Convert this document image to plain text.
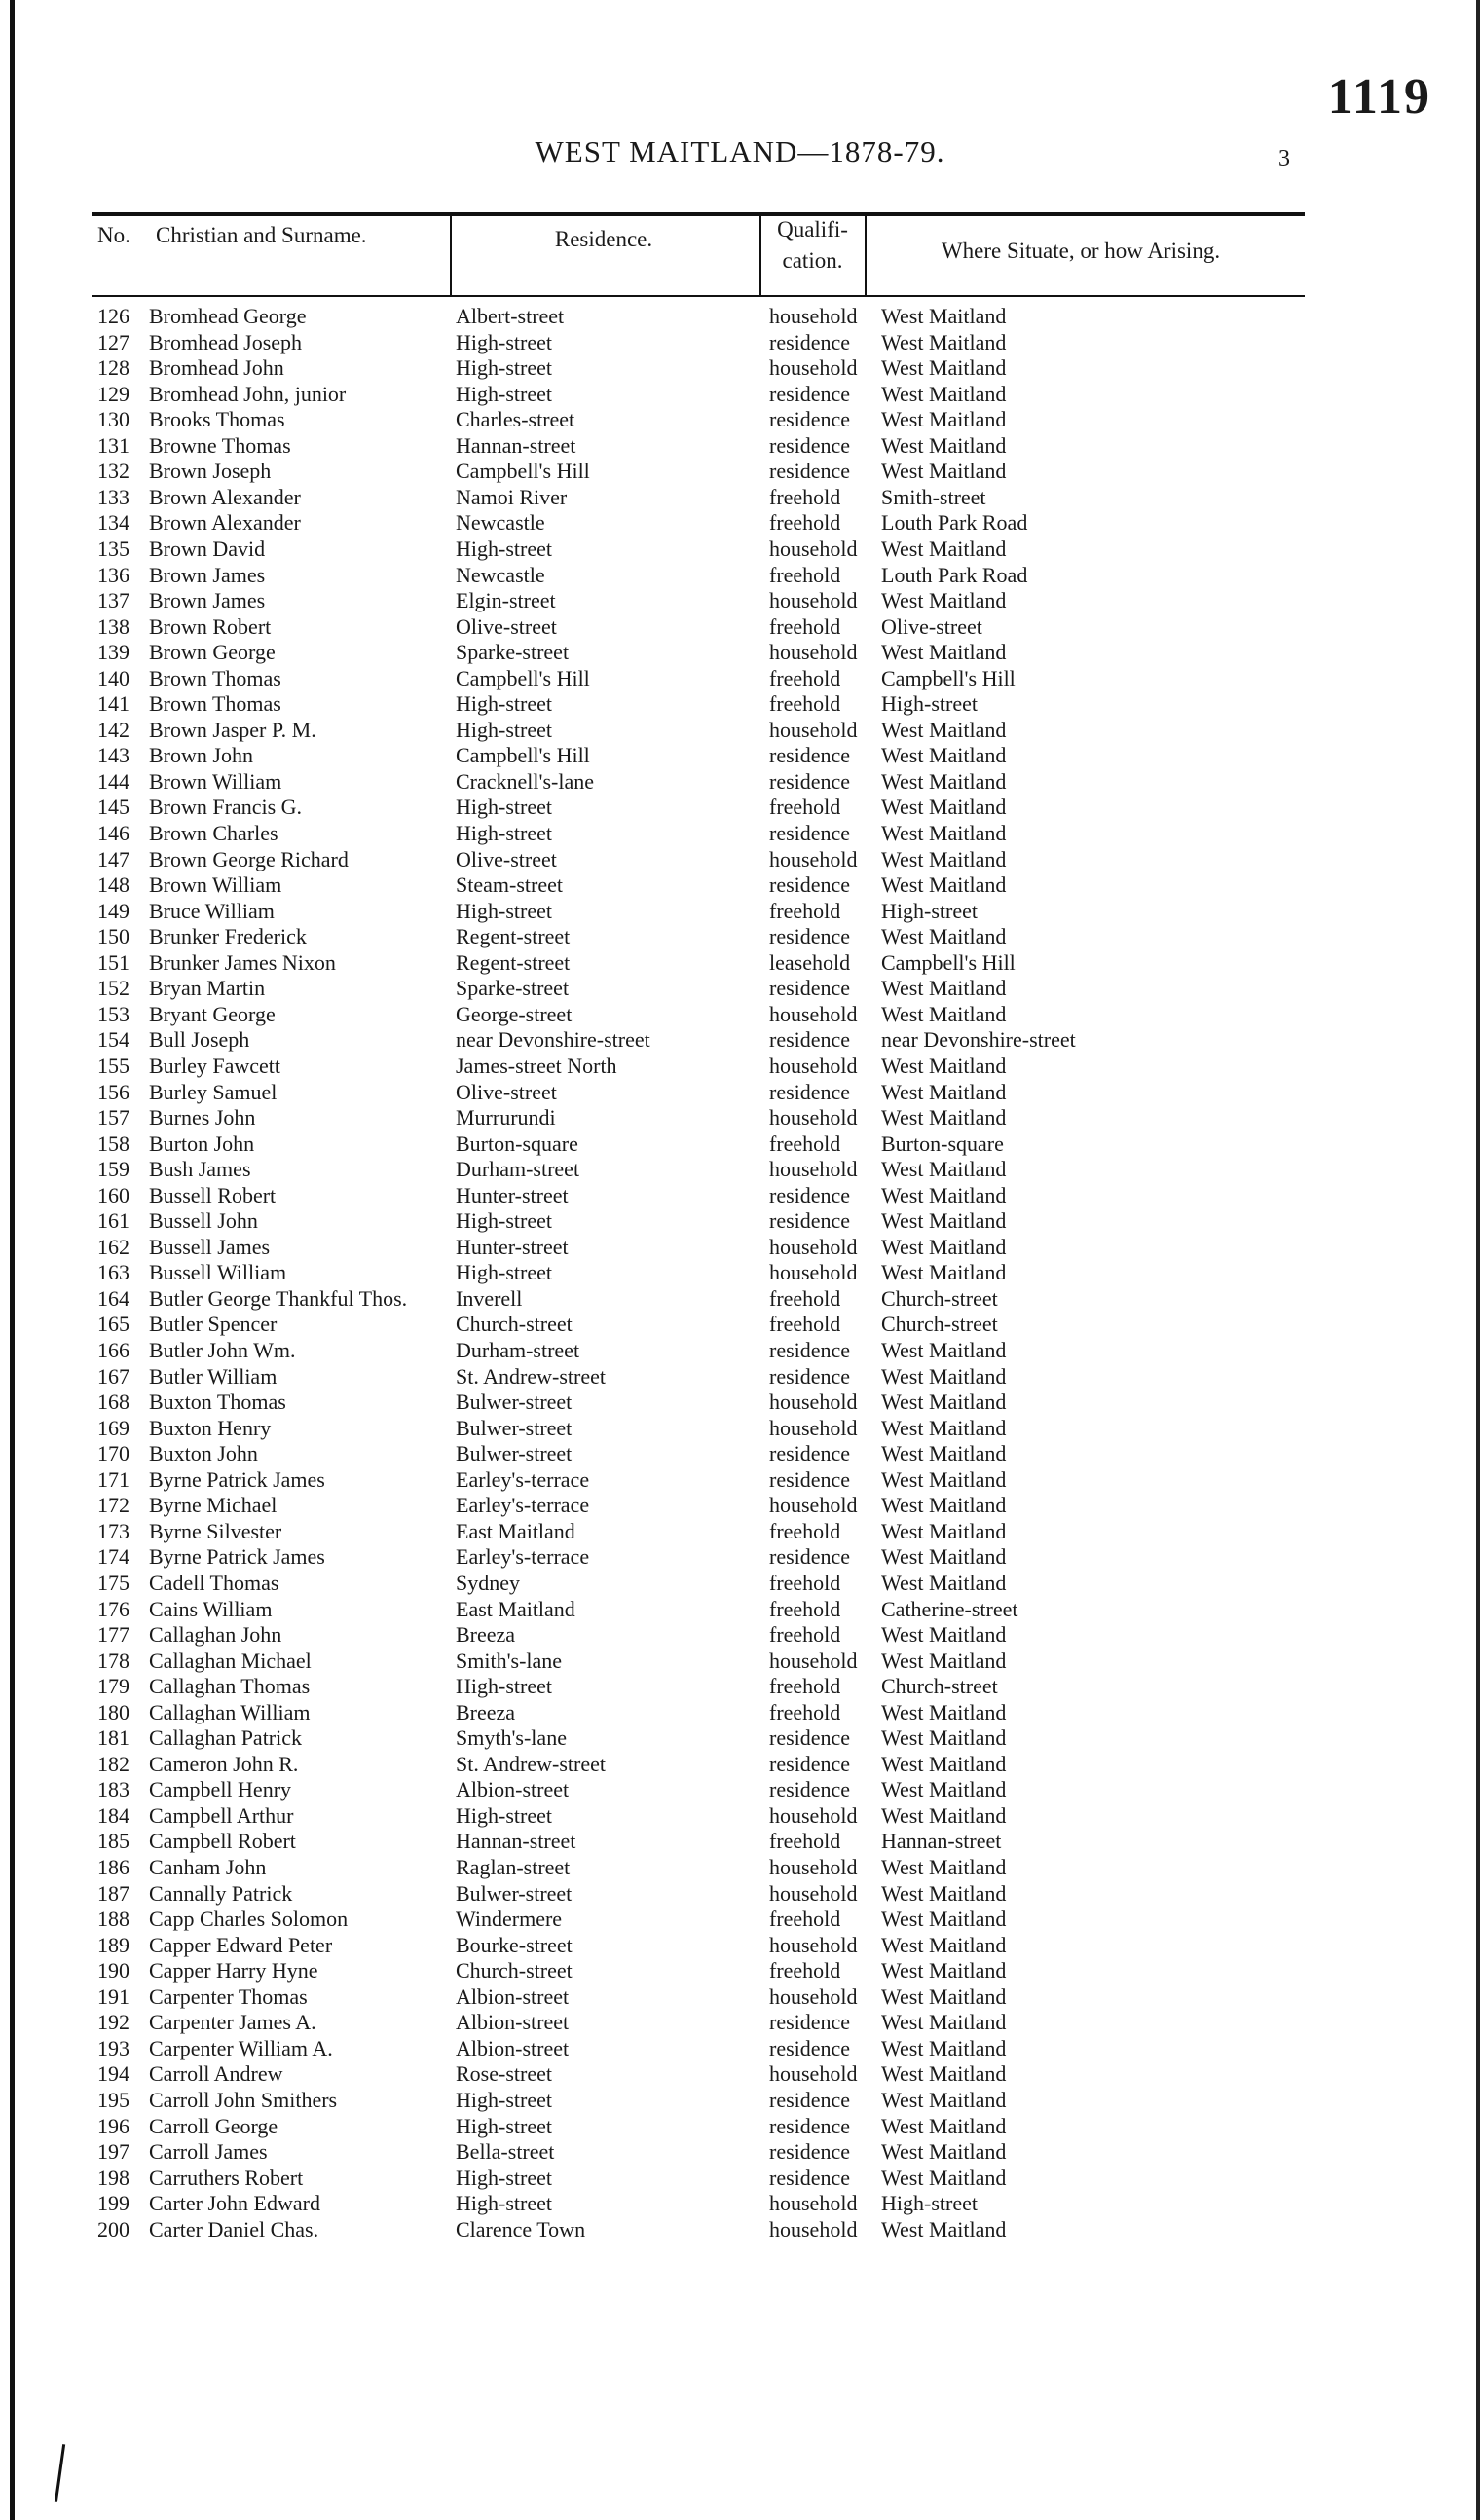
1119
WEST MAITLAND—1878-79.	3
No.	Christian and Surname.	Residence.	Qualifi- cation.	Where Situate, or how Arising.
126 Bromhead George	Albert-street	household	West Maitland
127 Bromhead Joseph	High-street	residence	West Maitland
128 Bromhead John	High-street	household	West Maitland
129 Bromhead John, junior	High-street	residence	West Maitland
130 Brooks Thomas	Charles-street	residence	West Maitland
131 Browne Thomas	Hannan-street	residence	West Maitland
132 Brown Joseph	Campbell's Hill	residence	West Maitland
133 Brown Alexander	Namoi River	freehold	Smith-street
134 Brown Alexander	Newcastle	freehold	Louth Park Road
135 Brown David	High-street	household	West Maitland
136 Brown James	Newcastle	freehold	Louth Park Road
137 Brown James	Elgin-street	household	West Maitland
138 Brown Robert	Olive-street	freehold	Olive-street
139 Brown George	Sparke-street	household	West Maitland
140 Brown Thomas	Campbell's Hill	freehold	Campbell's Hill
141 Brown Thomas	High-street	freehold	High-street
142 Brown Jasper P. M.	High-street	household	West Maitland
143 Brown John	Campbell's Hill	residence	West Maitland
144 Brown William	Cracknell's-lane	residence	West Maitland
145 Brown Francis G.	High-street	freehold	West Maitland
146 Brown Charles	High-street	residence	West Maitland
147 Brown George Richard	Olive-street	household	West Maitland
148 Brown William	Steam-street	residence	West Maitland
149 Bruce William	High-street	freehold	High-street
150 Brunker Frederick	Regent-street	residence	West Maitland
151 Brunker James Nixon	Regent-street	leasehold	Campbell's Hill
152 Bryan Martin	Sparke-street	residence	West Maitland
153 Bryant George	George-street	household	West Maitland
154 Bull Joseph	near Devonshire-street	residence	near Devonshire-street
155 Burley Fawcett	James-street North	household	West Maitland
156 Burley Samuel	Olive-street	residence	West Maitland
157 Burnes John	Murrurundi	household	West Maitland
158 Burton John	Burton-square	freehold	Burton-square
159 Bush James	Durham-street	household	West Maitland
160 Bussell Robert	Hunter-street	residence	West Maitland
161 Bussell John	High-street	residence	West Maitland
162 Bussell James	Hunter-street	household	West Maitland
163 Bussell William	High-street	household	West Maitland
164 Butler George Thankful Thos.	Inverell	freehold	Church-street
165 Butler Spencer	Church-street	freehold	Church-street
166 Butler John Wm.	Durham-street	residence	West Maitland
167 Butler William	St. Andrew-street	residence	West Maitland
168 Buxton Thomas	Bulwer-street	household	West Maitland
169 Buxton Henry	Bulwer-street	household	West Maitland
170 Buxton John	Bulwer-street	residence	West Maitland
171 Byrne Patrick James	Earley's-terrace	residence	West Maitland
172 Byrne Michael	Earley's-terrace	household	West Maitland
173 Byrne Silvester	East Maitland	freehold	West Maitland
174 Byrne Patrick James	Earley's-terrace	residence	West Maitland
175 Cadell Thomas	Sydney	freehold	West Maitland
176 Cains William	East Maitland	freehold	Catherine-street
177 Callaghan John	Breeza	freehold	West Maitland
178 Callaghan Michael	Smith's-lane	household	West Maitland
179 Callaghan Thomas	High-street	freehold	Church-street
180 Callaghan William	Breeza	freehold	West Maitland
181 Callaghan Patrick	Smyth's-lane	residence	West Maitland
182 Cameron John R.	St. Andrew-street	residence	West Maitland
183 Campbell Henry	Albion-street	residence	West Maitland
184 Campbell Arthur	High-street	household	West Maitland
185 Campbell Robert	Hannan-street	freehold	Hannan-street
186 Canham John	Raglan-street	household	West Maitland
187 Cannally Patrick	Bulwer-street	household	West Maitland
188 Capp Charles Solomon	Windermere	freehold	West Maitland
189 Capper Edward Peter	Bourke-street	household	West Maitland
190 Capper Harry Hyne	Church-street	freehold	West Maitland
191 Carpenter Thomas	Albion-street	household	West Maitland
192 Carpenter James A.	Albion-street	residence	West Maitland
193 Carpenter William A.	Albion-street	residence	West Maitland
194 Carroll Andrew	Rose-street	household	West Maitland
195 Carroll John Smithers	High-street	residence	West Maitland
196 Carroll George	High-street	residence	West Maitland
197 Carroll James	Bella-street	residence	West Maitland
198 Carruthers Robert	High-street	residence	West Maitland
199 Carter John Edward	High-street	household	High-street
200 Carter Daniel Chas.	Clarence Town	household	West Maitland
